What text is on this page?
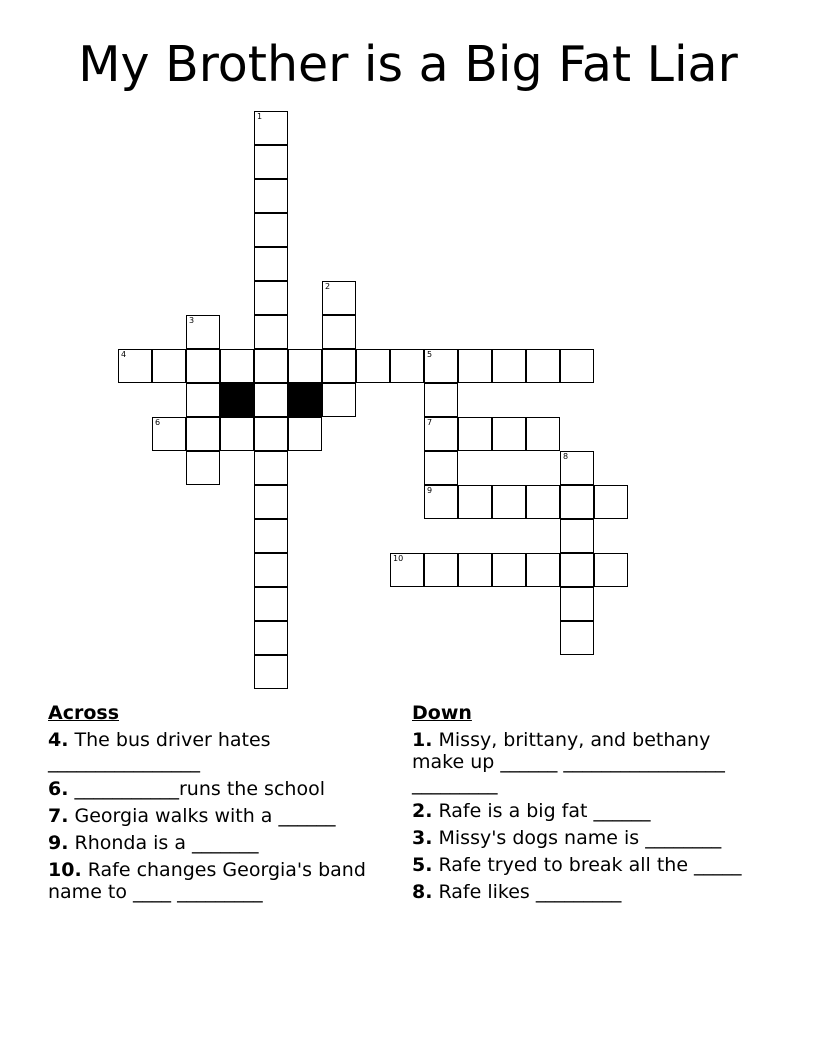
My Brother is a Big Fat Liar
1
2
3
5
7
9
8
4
6
10
Across
4. The bus driver hates ________________
6. ___________runs the school
7. Georgia walks with a ______
9. Rhonda is a _______
10. Rafe changes Georgia's band name to ____ _________
Down
1. Missy, brittany, and bethany make up ______ _________________ _________
2. Rafe is a big fat ______
3. Missy's dogs name is ________
5. Rafe tryed to break all the _____
8. Rafe likes _________
